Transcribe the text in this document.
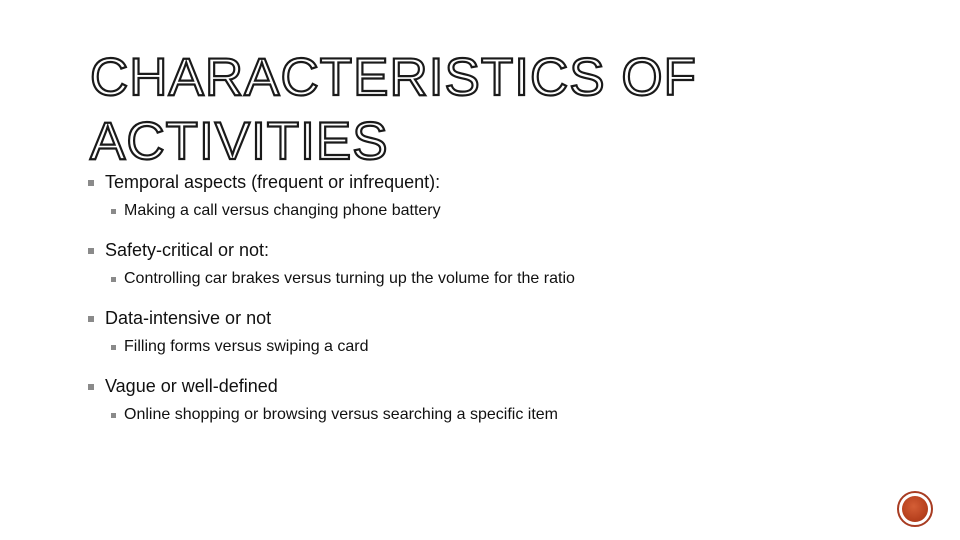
CHARACTERISTICS OF
ACTIVITIES
Temporal aspects (frequent or infrequent):
Making a call versus changing phone battery
Safety-critical or not:
Controlling car brakes versus turning up the volume for the ratio
Data-intensive or not
Filling forms versus swiping a card
Vague or well-defined
Online shopping or browsing versus searching a specific item
